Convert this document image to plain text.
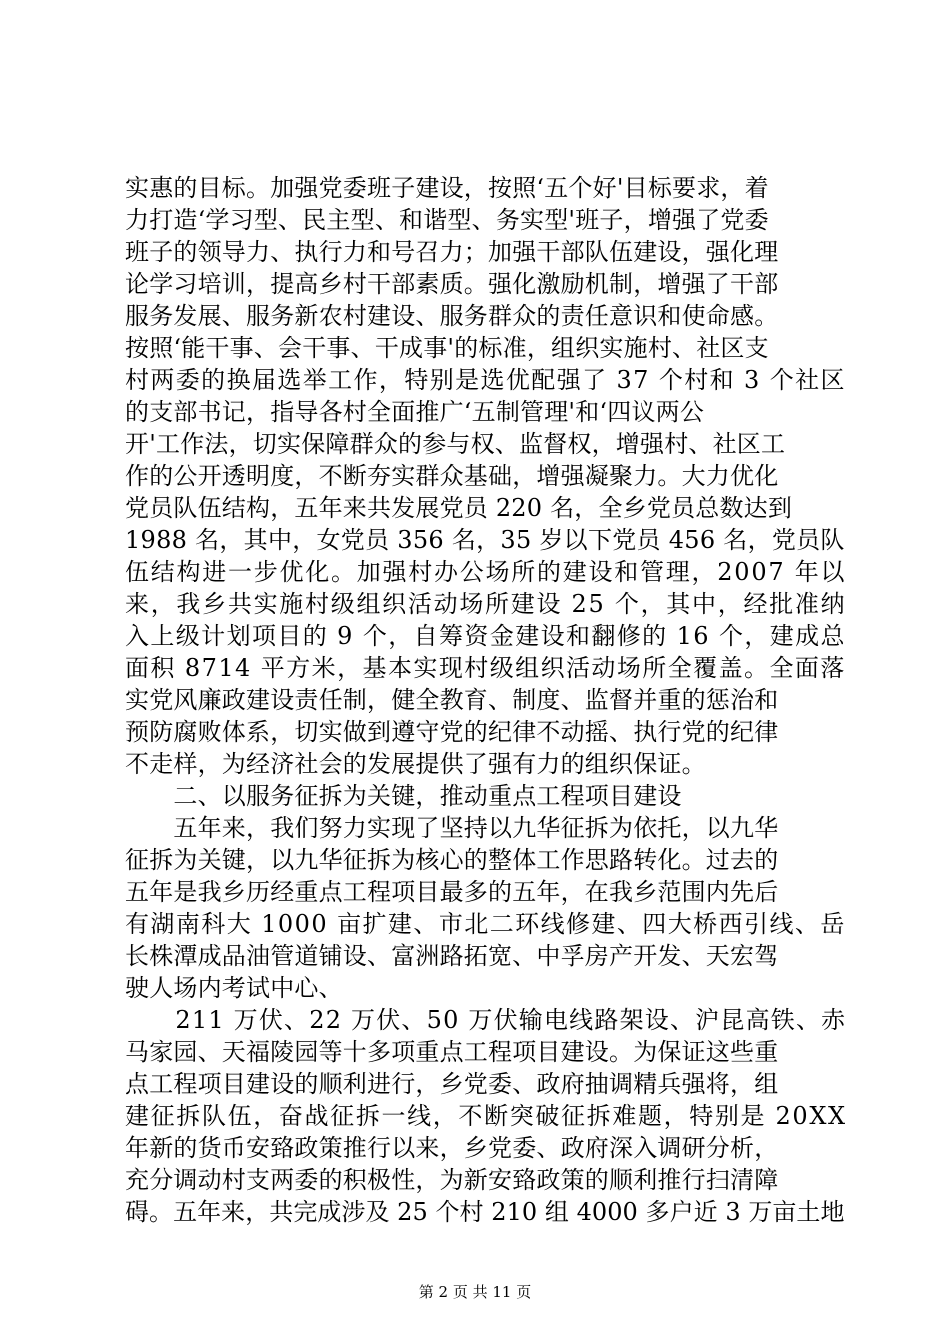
实惠的目标。加强党委班子建设，按照‘五个好'目标要求，着
力打造‘学习型、民主型、和谐型、务实型'班子，增强了党委
班子的领导力、执行力和号召力；加强干部队伍建设，强化理
论学习培训，提高乡村干部素质。强化激励机制，增强了干部
服务发展、服务新农村建设、服务群众的责任意识和使命感。
按照‘能干事、会干事、干成事'的标准，组织实施村、社区支
村两委的换届选举工作，特别是选优配强了 37 个村和 3 个社区
的支部书记，指导各村全面推广‘五制管理'和‘四议两公
开'工作法，切实保障群众的参与权、监督权，增强村、社区工
作的公开透明度，不断夯实群众基础，增强凝聚力。大力优化
党员队伍结构，五年来共发展党员 220 名，全乡党员总数达到
1988 名，其中，女党员 356 名，35 岁以下党员 456 名，党员队
伍结构进一步优化。加强村办公场所的建设和管理，2007 年以
来，我乡共实施村级组织活动场所建设 25 个，其中，经批准纳
入上级计划项目的 9 个，自筹资金建设和翻修的 16 个，建成总
面积 8714 平方米，基本实现村级组织活动场所全覆盖。全面落
实党风廉政建设责任制，健全教育、制度、监督并重的惩治和
预防腐败体系，切实做到遵守党的纪律不动摇、执行党的纪律
不走样，为经济社会的发展提供了强有力的组织保证。
　　二、以服务征拆为关键，推动重点工程项目建设
　　五年来，我们努力实现了坚持以九华征拆为依托，以九华
征拆为关键，以九华征拆为核心的整体工作思路转化。过去的
五年是我乡历经重点工程项目最多的五年，在我乡范围内先后
有湖南科大 1000 亩扩建、市北二环线修建、四大桥西引线、岳
长株潭成品油管道铺设、富洲路拓宽、中孚房产开发、天宏驾
驶人场内考试中心、
　　211 万伏、22 万伏、50 万伏输电线路架设、沪昆高铁、赤
马家园、天福陵园等十多项重点工程项目建设。为保证这些重
点工程项目建设的顺利进行，乡党委、政府抽调精兵强将，组
建征拆队伍，奋战征拆一线，不断突破征拆难题，特别是 20XX
年新的货币安臵政策推行以来，乡党委、政府深入调研分析，
充分调动村支两委的积极性，为新安臵政策的顺利推行扫清障
碍。五年来，共完成涉及 25 个村 210 组 4000 多户近 3 万亩土地
第 2 页 共 11 页
